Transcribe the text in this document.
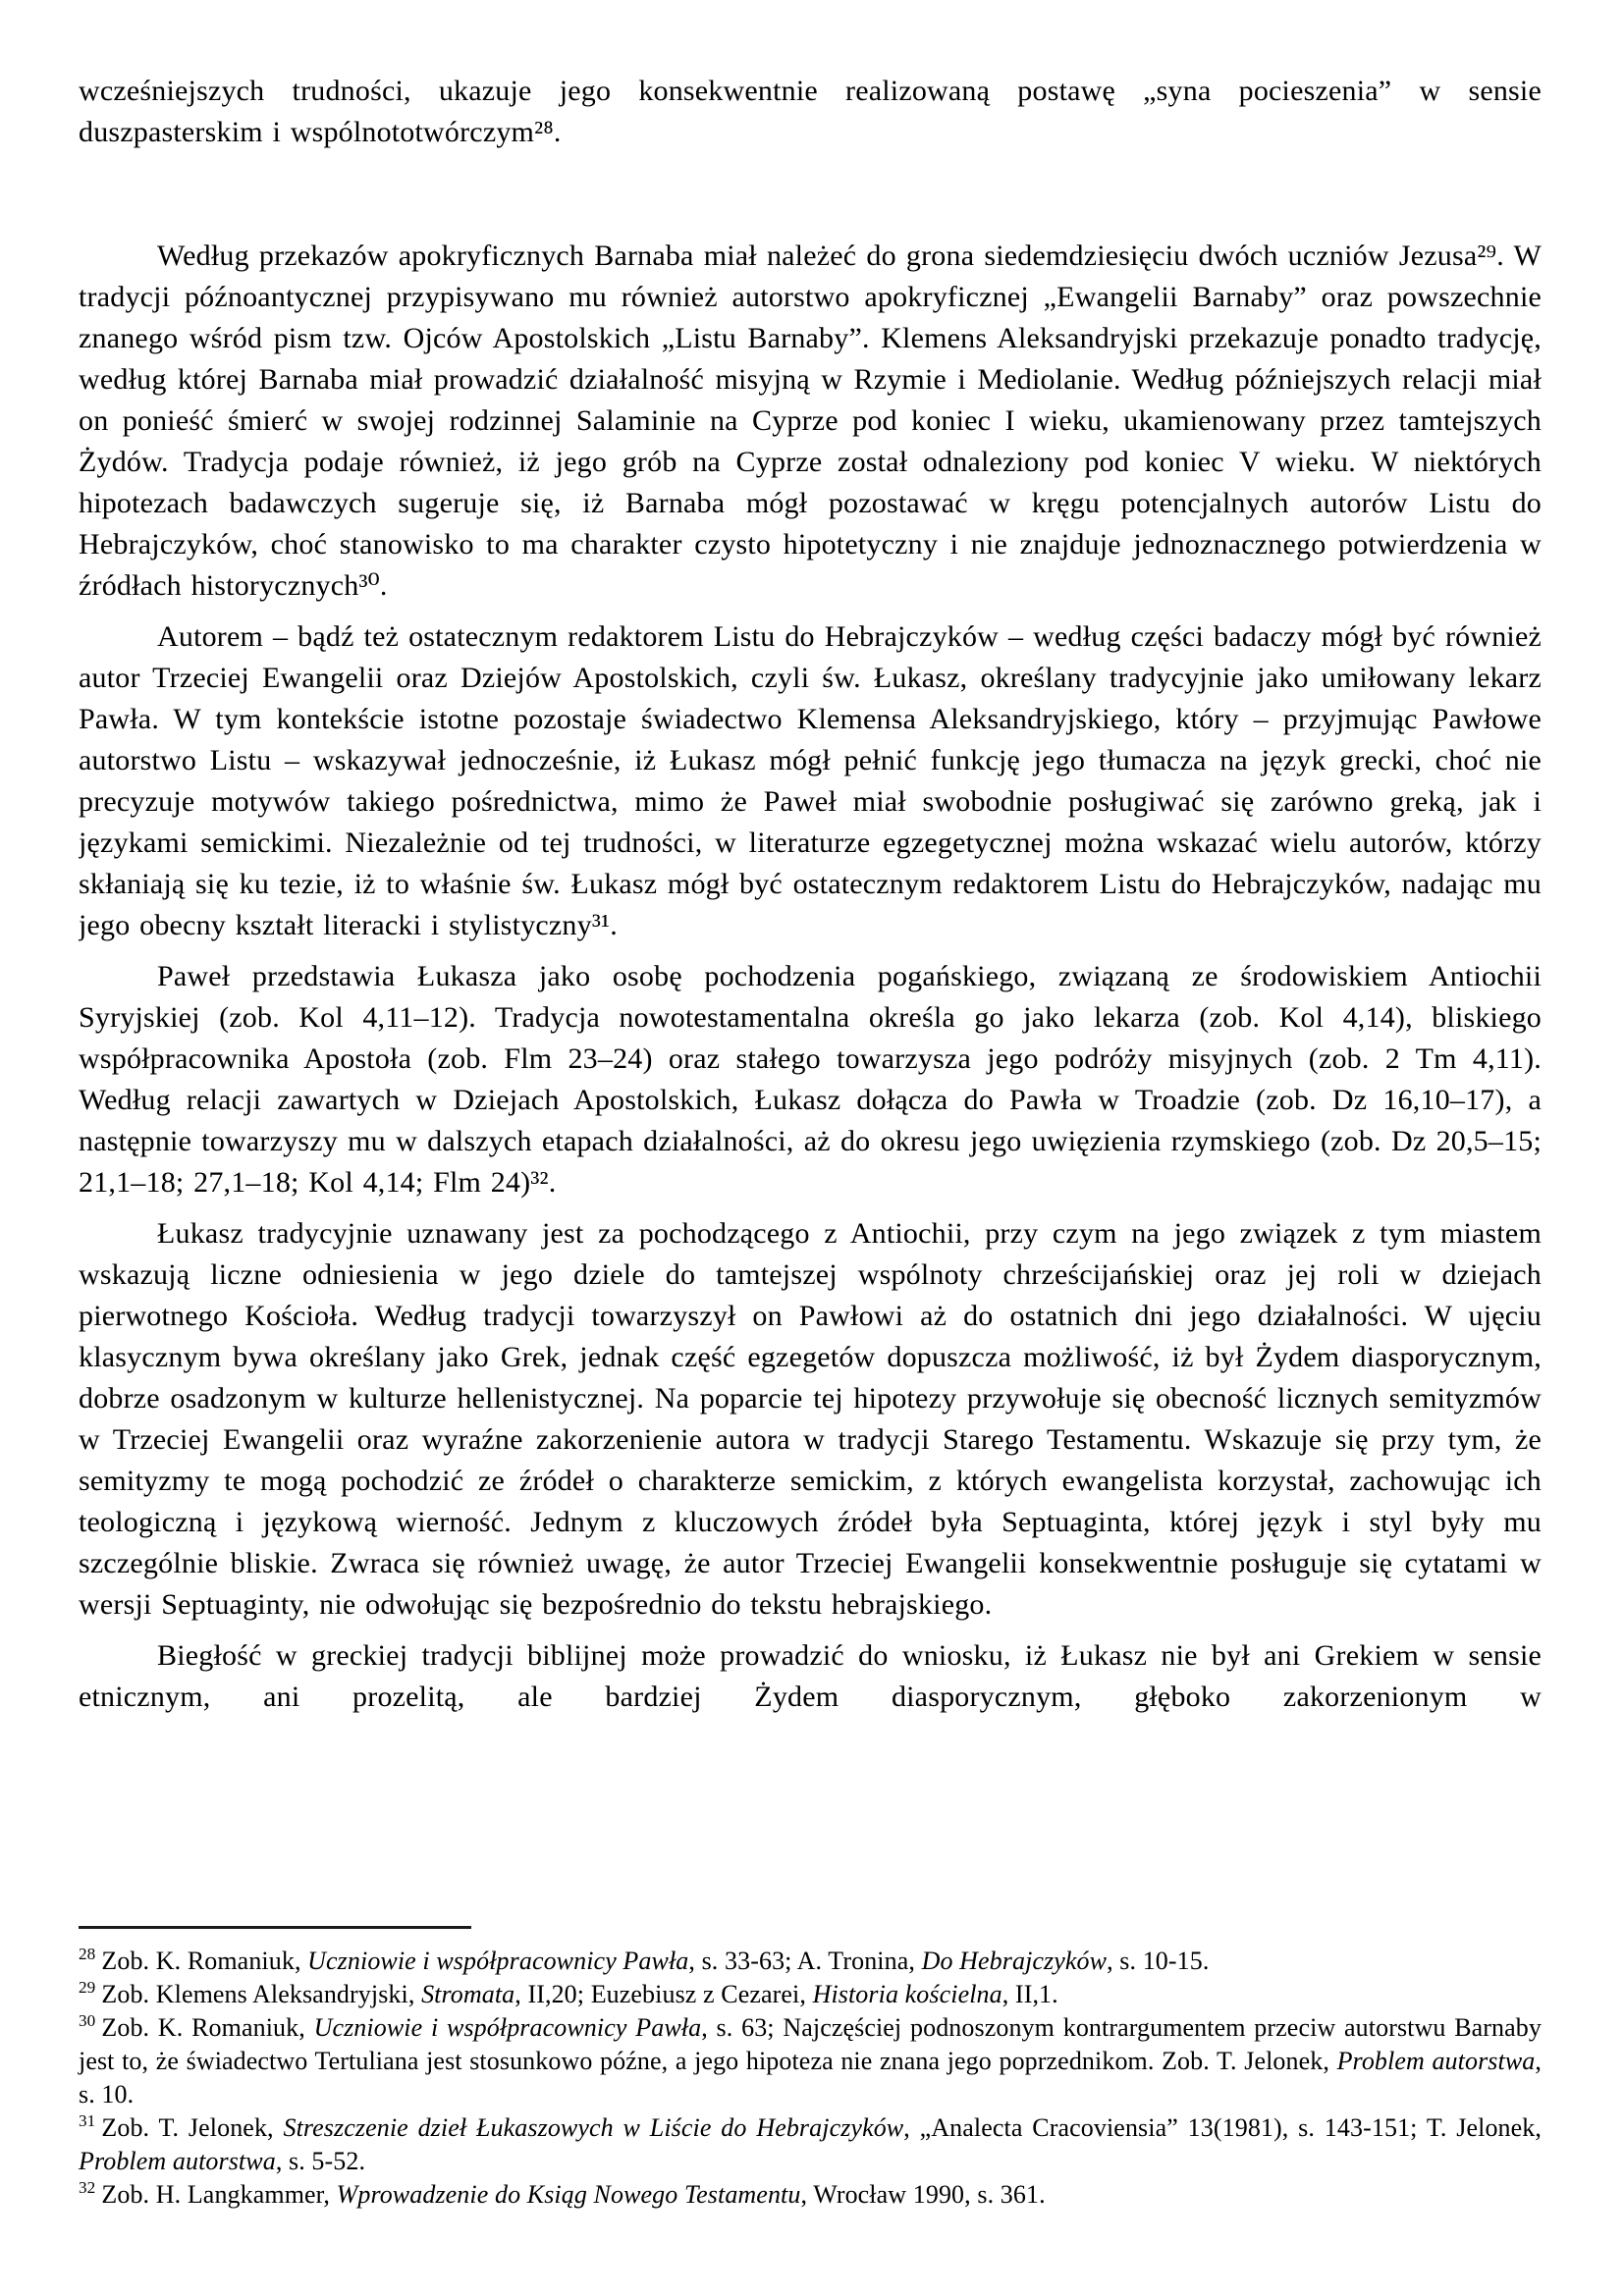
wcześniejszych trudności, ukazuje jego konsekwentnie realizowaną postawę „syna pocieszenia” w sensie duszpasterskim i wspólnototwórczym²⁸.

Według przekazów apokryficznych Barnaba miał należeć do grona siedemdziesięciu dwóch uczniów Jezusa²⁹. W tradycji późnoantycznej przypisywano mu również autorstwo apokryficznej „Ewangelii Barnaby” oraz powszechnie znanego wśród pism tzw. Ojców Apostolskich „Listu Barnaby”. Klemens Aleksandryjski przekazuje ponadto tradycję, według której Barnaba miał prowadzić działalność misyjną w Rzymie i Mediolanie. Według późniejszych relacji miał on ponieść śmierć w swojej rodzinnej Salaminie na Cyprze pod koniec I wieku, ukamienowany przez tamtejszych Żydów. Tradycja podaje również, iż jego grób na Cyprze został odnaleziony pod koniec V wieku. W niektórych hipotezach badawczych sugeruje się, iż Barnaba mógł pozostawać w kręgu potencjalnych autorów Listu do Hebrajczyków, choć stanowisko to ma charakter czysto hipotetyczny i nie znajduje jednoznacznego potwierdzenia w źródłach historycznych³⁰.

Autorem – bądź też ostatecznym redaktorem Listu do Hebrajczyków – według części badaczy mógł być również autor Trzeciej Ewangelii oraz Dziejów Apostolskich, czyli św. Łukasz, określany tradycyjnie jako umiłowany lekarz Pawła. W tym kontekście istotne pozostaje świadectwo Klemensa Aleksandryjskiego, który – przyjmując Pawłowe autorstwo Listu – wskazywał jednocześnie, iż Łukasz mógł pełnić funkcję jego tłumacza na język grecki, choć nie precyzuje motywów takiego pośrednictwa, mimo że Paweł miał swobodnie posługiwać się zarówno greką, jak i językami semickimi. Niezależnie od tej trudności, w literaturze egzegetycznej można wskazać wielu autorów, którzy skłaniają się ku tezie, iż to właśnie św. Łukasz mógł być ostatecznym redaktorem Listu do Hebrajczyków, nadając mu jego obecny kształt literacki i stylistyczny³¹.

Paweł przedstawia Łukasza jako osobę pochodzenia pogańskiego, związaną ze środowiskiem Antiochii Syryjskiej (zob. Kol 4,11–12). Tradycja nowotestamentalna określa go jako lekarza (zob. Kol 4,14), bliskiego współpracownika Apostoła (zob. Flm 23–24) oraz stałego towarzysza jego podróży misyjnych (zob. 2 Tm 4,11). Według relacji zawartych w Dziejach Apostolskich, Łukasz dołącza do Pawła w Troadzie (zob. Dz 16,10–17), a następnie towarzyszy mu w dalszych etapach działalności, aż do okresu jego uwięzienia rzymskiego (zob. Dz 20,5–15; 21,1–18; 27,1–18; Kol 4,14; Flm 24)³².

Łukasz tradycyjnie uznawany jest za pochodzącego z Antiochii, przy czym na jego związek z tym miastem wskazują liczne odniesienia w jego dziele do tamtejszej wspólnoty chrześcijańskiej oraz jej roli w dziejach pierwotnego Kościoła. Według tradycji towarzyszył on Pawłowi aż do ostatnich dni jego działalności. W ujęciu klasycznym bywa określany jako Grek, jednak część egzegetów dopuszcza możliwość, iż był Żydem diasporycznym, dobrze osadzonym w kulturze hellenistycznej. Na poparcie tej hipotezy przywołuje się obecność licznych semityzmów w Trzeciej Ewangelii oraz wyraźne zakorzenienie autora w tradycji Starego Testamentu. Wskazuje się przy tym, że semityzmy te mogą pochodzić ze źródeł o charakterze semickim, z których ewangelista korzystał, zachowując ich teologiczną i językową wierność. Jednym z kluczowych źródeł była Septuaginta, której język i styl były mu szczególnie bliskie. Zwraca się również uwagę, że autor Trzeciej Ewangelii konsekwentnie posługuje się cytatami w wersji Septuaginty, nie odwołując się bezpośrednio do tekstu hebrajskiego.

Biegłość w greckiej tradycji biblijnej może prowadzić do wniosku, iż Łukasz nie był ani Grekiem w sensie etnicznym, ani prozelitą, ale bardziej Żydem diasporycznym, głęboko zakorzenionym w

$^{28}$ Zob. K. Romaniuk, Uczniowie i współpracownicy Pawła, s. 33-63; A. Tronina, Do Hebrajczyków, s. 10-15.

$^{29}$ Zob. Klemens Aleksandryjski, Stromata, II,20; Euzebiusz z Cezarei, Historia kościelna, II,1.

$^{30}$ Zob. K. Romaniuk, Uczniowie i współpracownicy Pawła, s. 63; Najczęściej podnoszonym kontrargumentem przeciw autorstwu Barnaby jest to, że świadectwo Tertuliana jest stosunkowo późne, a jego hipoteza nie znana jego poprzednikom. Zob. T. Jelonek, Problem autorstwa, s. 10.

$^{31}$ Zob. T. Jelonek, Streszczenie dzieł Łukaszowych w Liście do Hebrajczyków, „Analecta Cracoviensia” 13(1981), s. 143-151; T. Jelonek, Problem autorstwa, s. 5-52.

$^{32}$ Zob. H. Langkammer, Wprowadzenie do Ksiąg Nowego Testamentu, Wrocław 1990, s. 361.
